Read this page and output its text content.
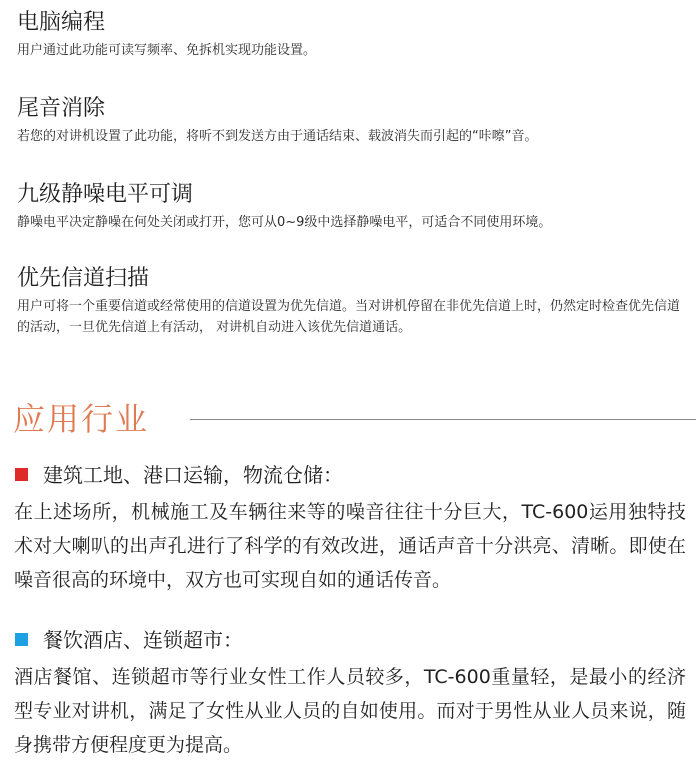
电脑编程
用户通过此功能可读写频率、免拆机实现功能设置。
尾音消除
若您的对讲机设置了此功能，将听不到发送方由于通话结束、载波消失而引起的“咔嚓”音。
九级静噪电平可调
静噪电平决定静噪在何处关闭或打开，您可从0~9级中选择静噪电平，可适合不同使用环境。
优先信道扫描
用户可将一个重要信道或经常使用的信道设置为优先信道。当对讲机停留在非优先信道上时，仍然定时检查优先信道的活动，一旦优先信道上有活动， 对讲机自动进入该优先信道通话。
应用行业
建筑工地、港口运输，物流仓储：
在上述场所，机械施工及车辆往来等的噪音往往十分巨大，TC-600运用独特技术对大喇叭的出声孔进行了科学的有效改进，通话声音十分洪亮、清晰。即使在噪音很高的环境中，双方也可实现自如的通话传音。
餐饮酒店、连锁超市：
酒店餐馆、连锁超市等行业女性工作人员较多，TC-600重量轻，是最小的经济型专业对讲机，满足了女性从业人员的自如使用。而对于男性从业人员来说，随身携带方便程度更为提高。
